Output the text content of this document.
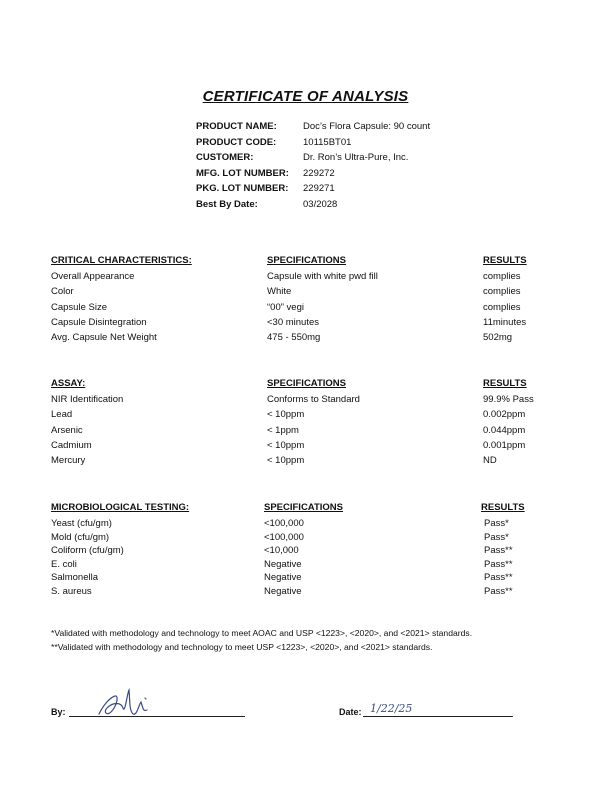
CERTIFICATE OF ANALYSIS
PRODUCT NAME:	Doc’s Flora Capsule: 90 count
PRODUCT CODE:	10115BT01
CUSTOMER:	Dr. Ron’s Ultra-Pure, Inc.
MFG. LOT NUMBER: 229272
PKG. LOT NUMBER: 229271
Best By Date:	03/2028
CRITICAL CHARACTERISTICS:	SPECIFICATIONS	RESULTS
Overall Appearance	Capsule with white pwd fill	complies
Color	White	complies
Capsule Size	“00” vegi	complies
Capsule Disintegration	<30 minutes	11minutes
Avg. Capsule Net Weight	475 - 550mg	502mg
ASSAY:	SPECIFICATIONS	RESULTS
NIR Identification	Conforms to Standard	99.9% Pass
Lead	< 10ppm	0.002ppm
Arsenic	< 1ppm	0.044ppm
Cadmium	< 10ppm	0.001ppm
Mercury	< 10ppm	ND
MICROBIOLOGICAL TESTING:	SPECIFICATIONS	RESULTS
Yeast (cfu/gm)	<100,000	Pass*
Mold (cfu/gm)	<100,000	Pass*
Coliform (cfu/gm)	<10,000	Pass**
E. coli	Negative	Pass**
Salmonella	Negative	Pass**
S. aureus	Negative	Pass**
*Validated with methodology and technology to meet AOAC and USP <1223>, <2020>, and <2021> standards.
**Validated with methodology and technology to meet USP <1223>, <2020>, and <2021> standards.
By:	Date: 1/22/25
